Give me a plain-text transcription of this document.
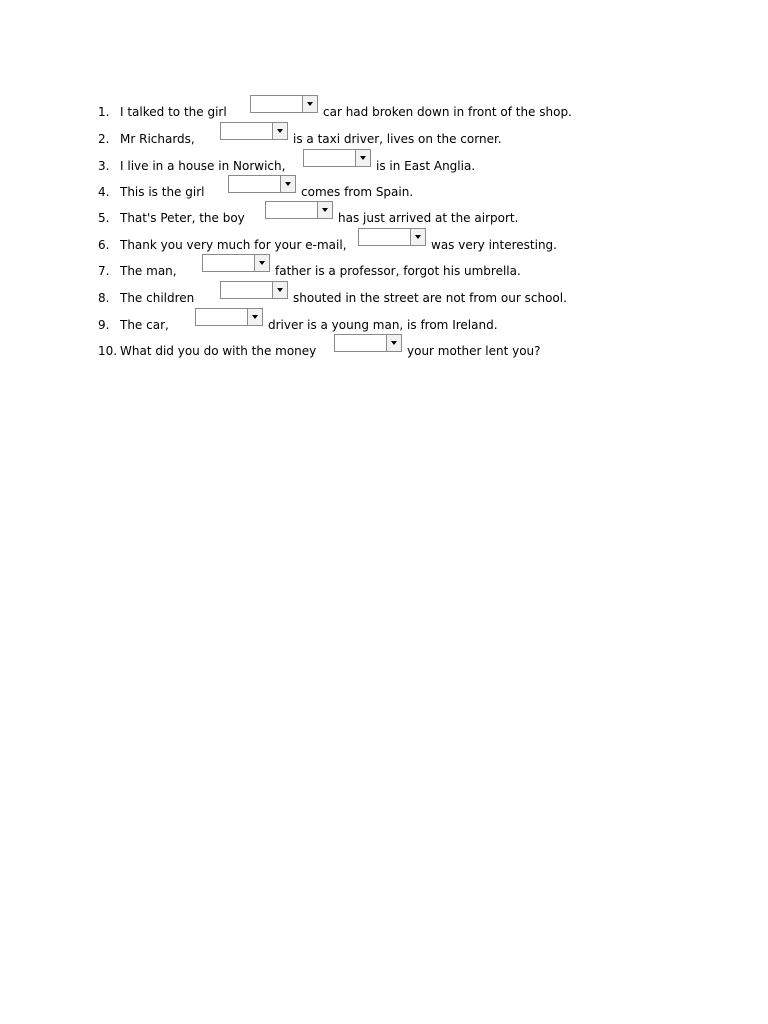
1. I talked to the girl	car had broken down in front of the shop.
2. Mr Richards,	is a taxi driver, lives on the corner.
3. I live in a house in Norwich,	is in East Anglia.
4. This is the girl	comes from Spain.
5. That's Peter, the boy	has just arrived at the airport.
6. Thank you very much for your e-mail,	was very interesting.
7. The man,	father is a professor, forgot his umbrella.
8. The children	shouted in the street are not from our school.
9. The car,	driver is a young man, is from Ireland.
10. What did you do with the money	your mother lent you?
